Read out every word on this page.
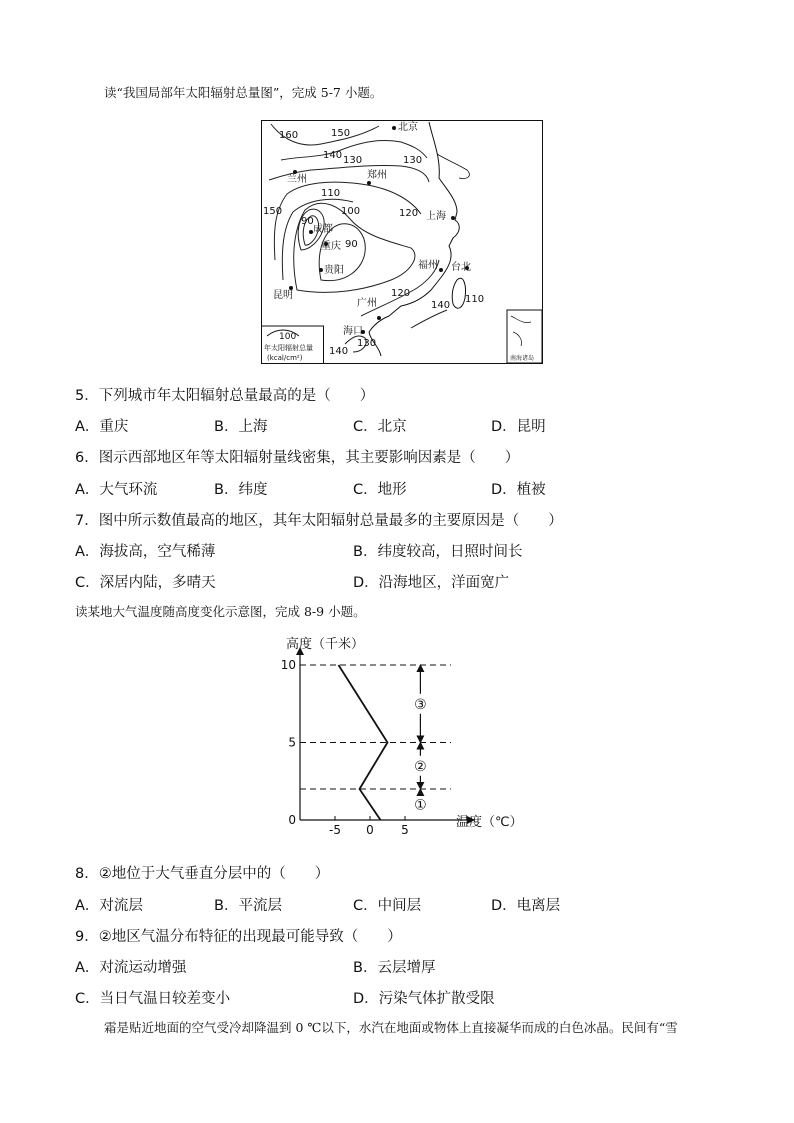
读“我国局部年太阳辐射总量图”，完成 5-7 小题。
北京
兰州	郑州
上海
成都
重庆
贵阳	福州 台北
昆明
广州
海口
160	150
140 130	130
150
110
100	120
90
90
120
110
140
140
130
100
年太阳辐射总量
(kcal/cm²)	南海诸岛
5．下列城市年太阳辐射总量最高的是（　　）
A．重庆	B．上海	C．北京	D．昆明
6．图示西部地区年等太阳辐射量线密集，其主要影响因素是（　　）
A．大气环流	B．纬度	C．地形	D．植被
7．图中所示数值最高的地区，其年太阳辐射总量最多的主要原因是（　　）
A．海拔高，空气稀薄	B．纬度较高，日照时间长
C．深居内陆，多晴天	D．沿海地区，洋面宽广
读某地大气温度随高度变化示意图，完成 8-9 小题。
高度（千米）
温度（℃）
-5 0 5
0
5
10
①
②
③
8．②地位于大气垂直分层中的（　　）
A．对流层	B．平流层	C．中间层	D．电离层
9．②地区气温分布特征的出现最可能导致（　　）
A．对流运动增强	B．云层增厚
C．当日气温日较差变小	D．污染气体扩散受限
霜是贴近地面的空气受冷却降温到 0 ℃以下，水汽在地面或物体上直接凝华而成的白色冰晶。民间有“雪
